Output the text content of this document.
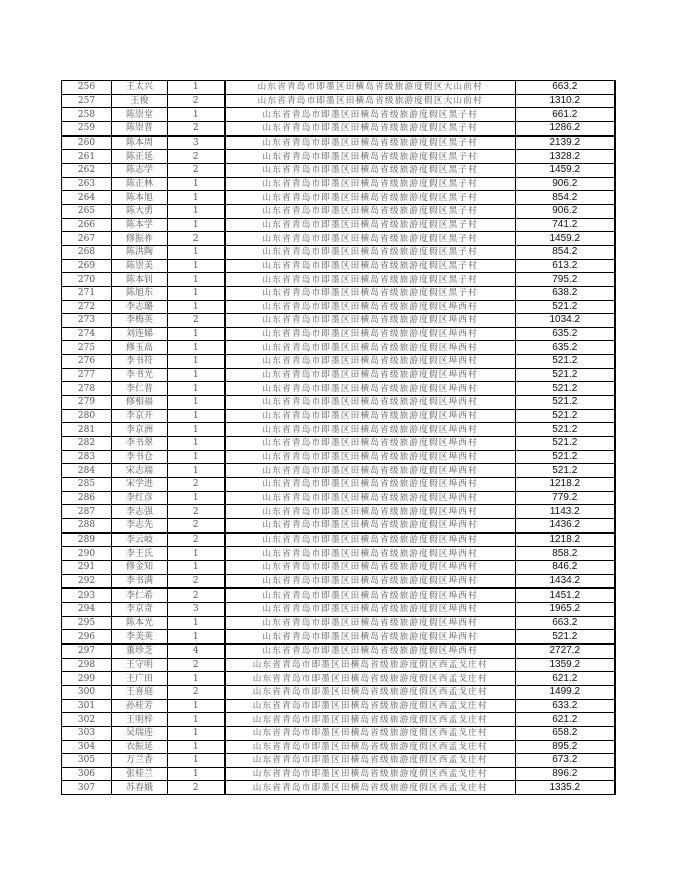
256	王太兴	1	山东省青岛市即墨区田横岛省级旅游度假区大山前村	663.2
257	王俊	2	山东省青岛市即墨区田横岛省级旅游度假区大山前村	1310.2
258	陈崇堂	1	山东省青岛市即墨区田横岛省级旅游度假区黑子村	661.2
259	陈崇普	2	山东省青岛市即墨区田横岛省级旅游度假区黑子村	1286.2
260	陈本周	3	山东省青岛市即墨区田横岛省级旅游度假区黑子村	2139.2
261	陈正延	2	山东省青岛市即墨区田横岛省级旅游度假区黑子村	1328.2
262	陈志学	2	山东省青岛市即墨区田横岛省级旅游度假区黑子村	1459.2
263	陈正林	1	山东省青岛市即墨区田横岛省级旅游度假区黑子村	906.2
264	陈本旭	1	山东省青岛市即墨区田横岛省级旅游度假区黑子村	854.2
265	陈大勇	1	山东省青岛市即墨区田横岛省级旅游度假区黑子村	906.2
266	陈本学	1	山东省青岛市即墨区田横岛省级旅游度假区黑子村	741.2
267	修振祚	2	山东省青岛市即墨区田横岛省级旅游度假区黑子村	1459.2
268	陈洪陶	1	山东省青岛市即墨区田横岛省级旅游度假区黑子村	854.2
269	陈崇美	1	山东省青岛市即墨区田横岛省级旅游度假区黑子村	613.2
270	陈本钊	1	山东省青岛市即墨区田横岛省级旅游度假区黑子村	795.2
271	陈旭东	1	山东省青岛市即墨区田横岛省级旅游度假区黑子村	638.2
272	李志璐	1	山东省青岛市即墨区田横岛省级旅游度假区埠西村	521.2
273	李梅英	2	山东省青岛市即墨区田横岛省级旅游度假区埠西村	1034.2
274	刘连娣	1	山东省青岛市即墨区田横岛省级旅游度假区埠西村	635.2
275	修玉高	1	山东省青岛市即墨区田横岛省级旅游度假区埠西村	635.2
276	李书符	1	山东省青岛市即墨区田横岛省级旅游度假区埠西村	521.2
277	李书光	1	山东省青岛市即墨区田横岛省级旅游度假区埠西村	521.2
278	李仁普	1	山东省青岛市即墨区田横岛省级旅游度假区埠西村	521.2
279	修相福	1	山东省青岛市即墨区田横岛省级旅游度假区埠西村	521.2
280	李京开	1	山东省青岛市即墨区田横岛省级旅游度假区埠西村	521.2
281	李京洲	1	山东省青岛市即墨区田横岛省级旅游度假区埠西村	521.2
282	李书翠	1	山东省青岛市即墨区田横岛省级旅游度假区埠西村	521.2
283	李书仓	1	山东省青岛市即墨区田横岛省级旅游度假区埠西村	521.2
284	宋志端	1	山东省青岛市即墨区田横岛省级旅游度假区埠西村	521.2
285	宋学进	2	山东省青岛市即墨区田横岛省级旅游度假区埠西村	1218.2
286	李红彦	1	山东省青岛市即墨区田横岛省级旅游度假区埠西村	779.2
287	李志强	2	山东省青岛市即墨区田横岛省级旅游度假区埠西村	1143.2
288	李志先	2	山东省青岛市即墨区田横岛省级旅游度假区埠西村	1436.2
289	李云岐	2	山东省青岛市即墨区田横岛省级旅游度假区埠西村	1218.2
290	李王氏	1	山东省青岛市即墨区田横岛省级旅游度假区埠西村	858.2
291	修金知	1	山东省青岛市即墨区田横岛省级旅游度假区埠西村	846.2
292	李书满	2	山东省青岛市即墨区田横岛省级旅游度假区埠西村	1434.2
293	李仁希	2	山东省青岛市即墨区田横岛省级旅游度假区埠西村	1451.2
294	李京奇	3	山东省青岛市即墨区田横岛省级旅游度假区埠西村	1965.2
295	陈本光	1	山东省青岛市即墨区田横岛省级旅游度假区埠西村	663.2
296	李美英	1	山东省青岛市即墨区田横岛省级旅游度假区埠西村	521.2
297	董珍芝	4	山东省青岛市即墨区田横岛省级旅游度假区埠西村	2727.2
298	王守明	2	山东省青岛市即墨区田横岛省级旅游度假区西孟戈庄村	1359.2
299	王广田	1	山东省青岛市即墨区田横岛省级旅游度假区西孟戈庄村	621.2
300	王喜庭	2	山东省青岛市即墨区田横岛省级旅游度假区西孟戈庄村	1499.2
301	孙桂芳	1	山东省青岛市即墨区田横岛省级旅游度假区西孟戈庄村	633.2
302	王明梓	1	山东省青岛市即墨区田横岛省级旅游度假区西孟戈庄村	621.2
303	吴瑞连	1	山东省青岛市即墨区田横岛省级旅游度假区西孟戈庄村	658.2
304	衣振延	1	山东省青岛市即墨区田横岛省级旅游度假区西孟戈庄村	895.2
305	万兰香	1	山东省青岛市即墨区田横岛省级旅游度假区西孟戈庄村	673.2
306	张桂兰	1	山东省青岛市即墨区田横岛省级旅游度假区西孟戈庄村	896.2
307	苏春娥	2	山东省青岛市即墨区田横岛省级旅游度假区西孟戈庄村	1335.2
